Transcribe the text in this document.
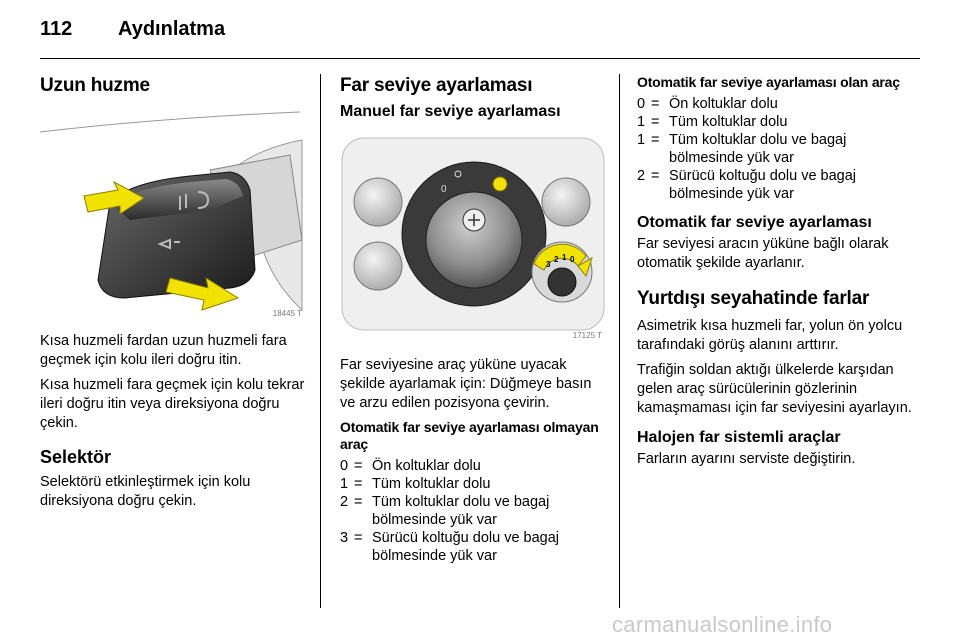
112 Aydınlatma
Uzun huzme
18445 T

Kısa huzmeli fardan uzun huzmeli fara geçmek için kolu ileri doğru itin.

Kısa huzmeli fara geçmek için kolu tekrar ileri doğru itin veya direksiyona doğru çekin.

Selektör

Selektörü etkinleştirmek için kolu direksiyona doğru çekin.

Far seviye ayarlaması
Manuel far seviye ayarlaması
0
3
2 1 0
17125 T

Far seviyesine araç yüküne uyacak şekilde ayarlamak için: Düğmeye basın ve arzu edilen pozisyona çevirin.

Otomatik far seviye ayarlaması olmayan araç
0 = Ön koltuklar dolu
1 = Tüm koltuklar dolu
2 = Tüm koltuklar dolu ve bagaj bölmesinde yük var
3 = Sürücü koltuğu dolu ve bagaj bölmesinde yük var
Otomatik far seviye ayarlaması olan araç
0 = Ön koltuklar dolu
1 = Tüm koltuklar dolu
1 = Tüm koltuklar dolu ve bagaj bölmesinde yük var
2 = Sürücü koltuğu dolu ve bagaj bölmesinde yük var
Otomatik far seviye ayarlaması

Far seviyesi aracın yüküne bağlı olarak otomatik şekilde ayarlanır.

Yurtdışı seyahatinde farlar

Asimetrik kısa huzmeli far, yolun ön yolcu tarafındaki görüş alanını arttırır.

Trafiğin soldan aktığı ülkelerde karşıdan gelen araç sürücülerinin gözlerinin kamaşmaması için far seviyesini ayarlayın.

Halojen far sistemli araçlar

Farların ayarını serviste değiştirin.

carmanualsonline.info
